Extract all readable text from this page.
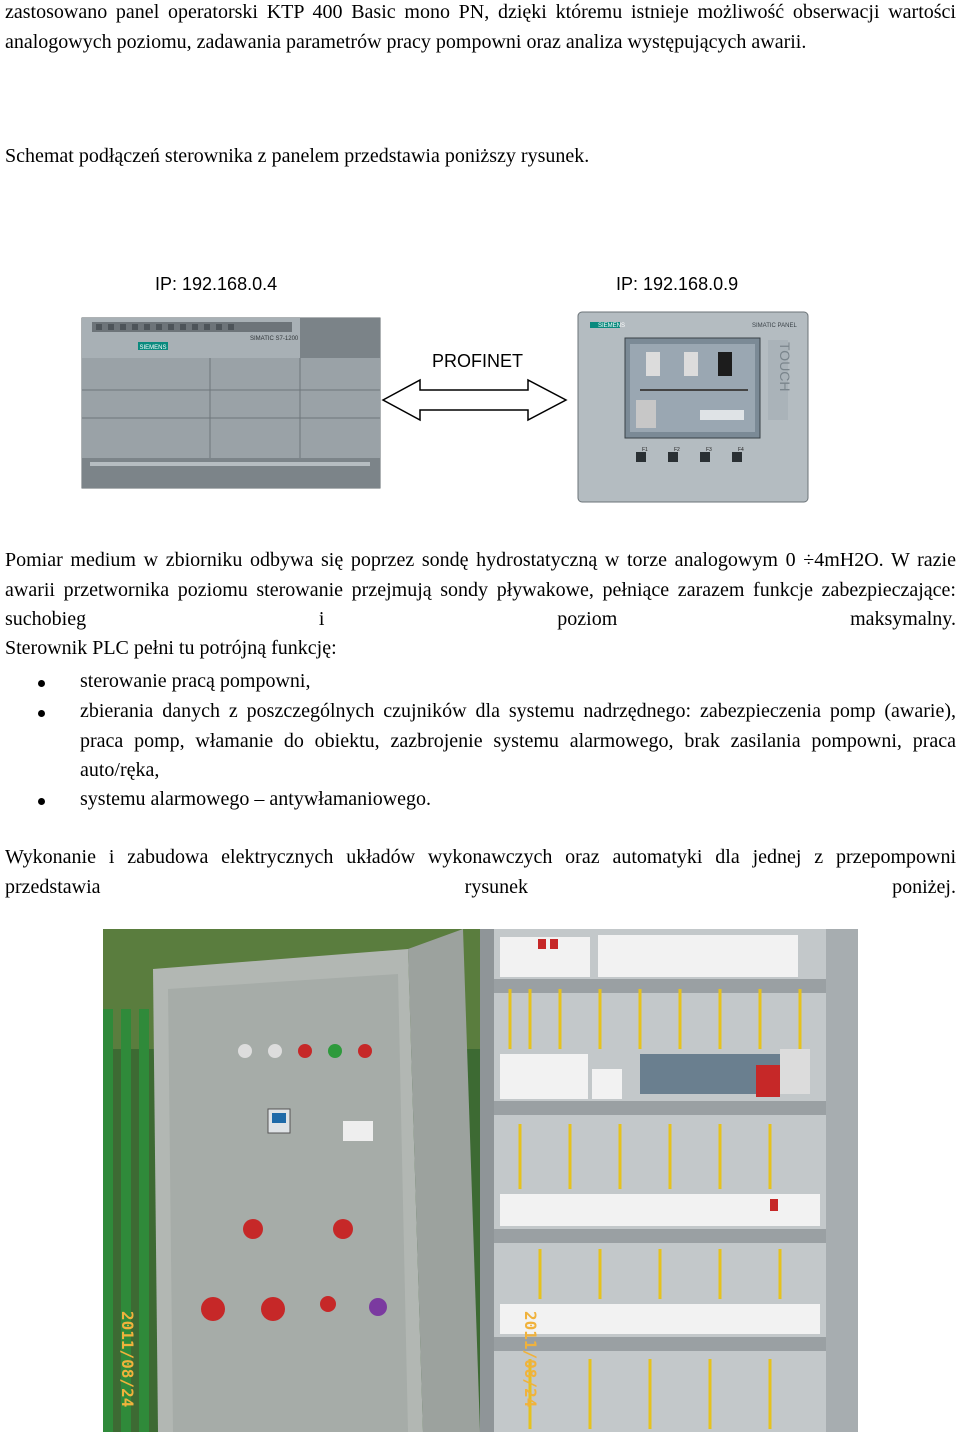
zastosowano panel operatorski KTP 400 Basic mono PN, dzięki któremu istnieje możliwość obserwacji wartości analogowych poziomu, zadawania parametrów pracy pompowni oraz analiza występujących awarii.
Schemat podłączeń sterownika z panelem przedstawia poniższy rysunek.
IP: 192.168.0.4	IP: 192.168.0.9
SIEMENS
SIMATIC S7-1200
SIEMENS	SIMATIC PANEL
TOUCH
F1	F2	F3	F4
PROFINET
Pomiar medium w zbiorniku odbywa się poprzez sondę hydrostatyczną w torze analogowym 0 ÷4mH2O. W razie awarii przetwornika poziomu sterowanie przejmują sondy pływakowe, pełniące zarazem funkcje zabezpieczające: suchobieg i poziom maksymalny.
Sterownik PLC pełni tu potrójną funkcję:
sterowanie pracą pompowni,
zbierania danych z poszczególnych czujników dla systemu nadrzędnego: zabezpieczenia pomp (awarie), praca pomp, włamanie do obiektu, zazbrojenie systemu alarmowego, brak zasilania pompowni, praca auto/ręka,
systemu alarmowego – antywłamaniowego.
Wykonanie i zabudowa elektrycznych układów wykonawczych oraz automatyki dla jednej z przepompowni przedstawia rysunek poniżej.
2011/08/24	2011/08/24
